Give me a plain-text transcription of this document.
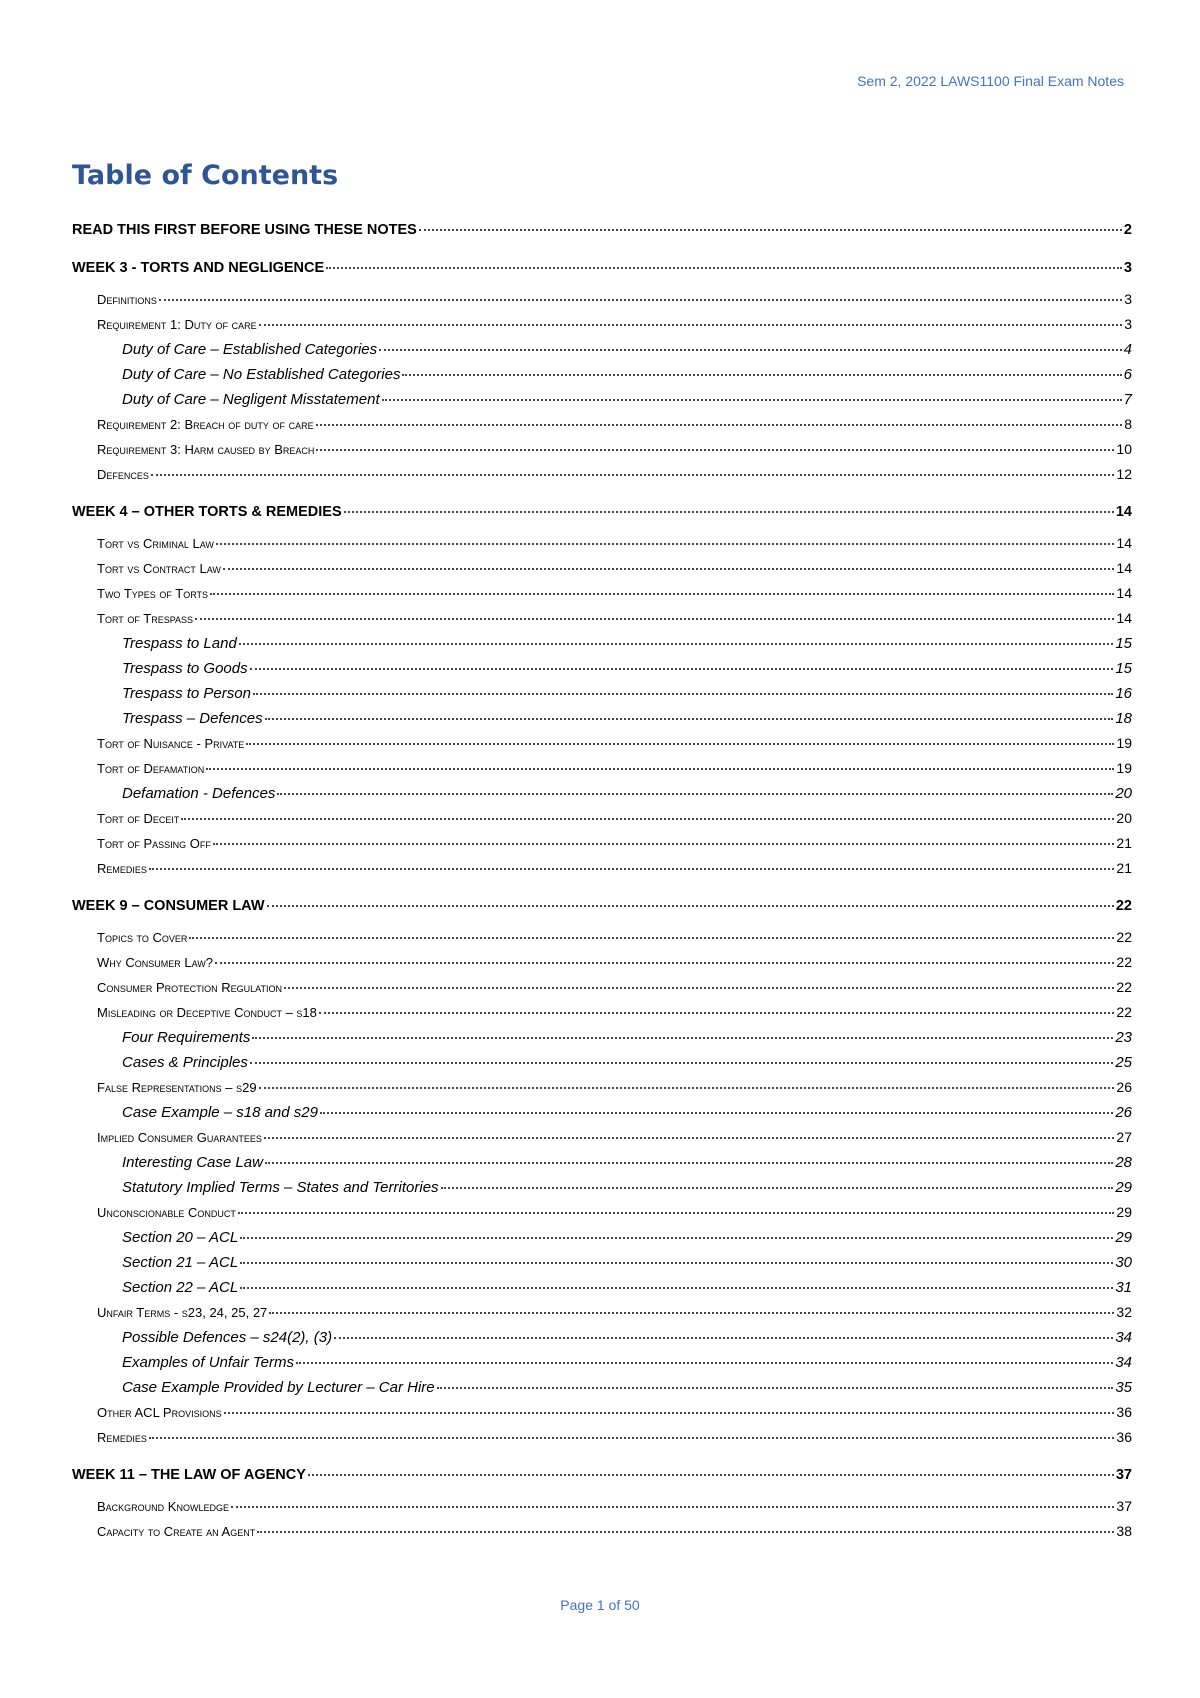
Sem 2, 2022 LAWS1100 Final Exam Notes
Table of Contents
READ THIS FIRST BEFORE USING THESE NOTES	2
WEEK 3 - TORTS AND NEGLIGENCE	3
Definitions	3
Requirement 1: Duty of care	3
Duty of Care – Established Categories	4
Duty of Care – No Established Categories	6
Duty of Care – Negligent Misstatement	7
Requirement 2: Breach of duty of care	8
Requirement 3: Harm caused by Breach	10
Defences	12
WEEK 4 – OTHER TORTS & REMEDIES	14
Tort vs Criminal Law	14
Tort vs Contract Law	14
Two Types of Torts	14
Tort of Trespass	14
Trespass to Land	15
Trespass to Goods	15
Trespass to Person	16
Trespass – Defences	18
Tort of Nuisance - Private	19
Tort of Defamation	19
Defamation - Defences	20
Tort of Deceit	20
Tort of Passing Off	21
Remedies	21
WEEK 9 – CONSUMER LAW	22
Topics to Cover	22
Why Consumer Law?	22
Consumer Protection Regulation	22
Misleading or Deceptive Conduct – s18	22
Four Requirements	23
Cases & Principles	25
False Representations – s29	26
Case Example – s18 and s29	26
Implied Consumer Guarantees	27
Interesting Case Law	28
Statutory Implied Terms – States and Territories	29
Unconscionable Conduct	29
Section 20 – ACL	29
Section 21 – ACL	30
Section 22 – ACL	31
Unfair Terms - s23, 24, 25, 27	32
Possible Defences – s24(2), (3)	34
Examples of Unfair Terms	34
Case Example Provided by Lecturer – Car Hire	35
Other ACL Provisions	36
Remedies	36
WEEK 11 – THE LAW OF AGENCY	37
Background Knowledge	37
Capacity to Create an Agent	38
Page 1 of 50
